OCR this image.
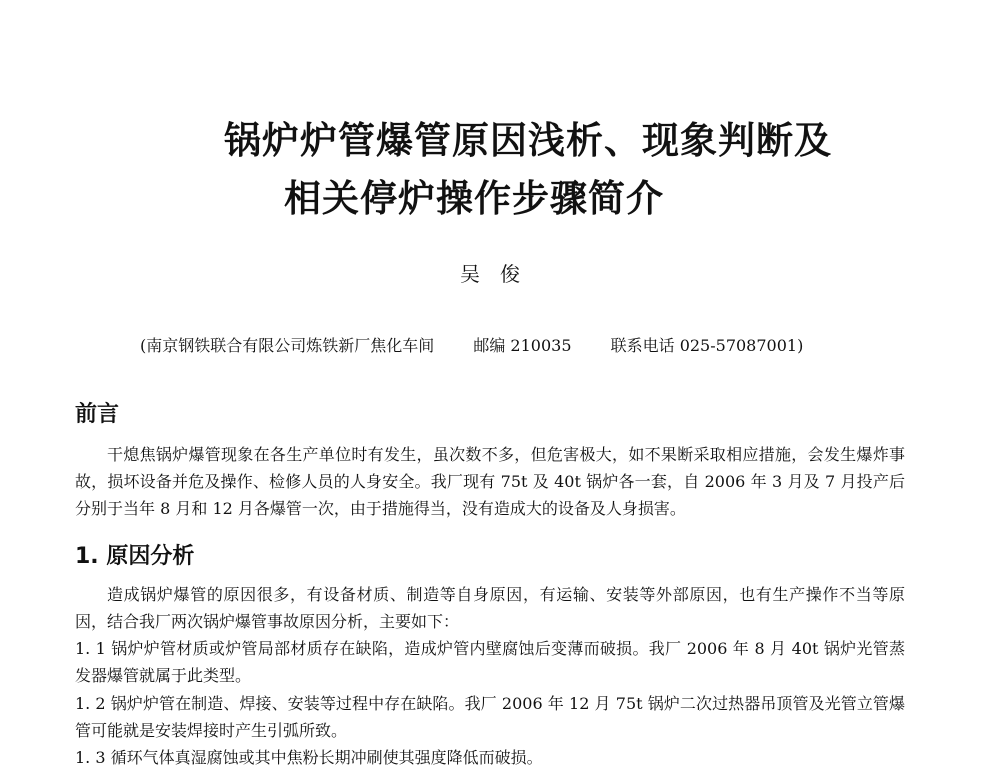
锅炉炉管爆管原因浅析、现象判断及
相关停炉操作步骤简介
吴俊
(南京钢铁联合有限公司炼铁新厂焦化车间 邮编 210035 联系电话 025-57087001)
前言
干熄焦锅炉爆管现象在各生产单位时有发生，虽次数不多，但危害极大，如不果断采取相应措施，会发生爆炸事故，损坏设备并危及操作、检修人员的人身安全。我厂现有 75t 及 40t 锅炉各一套，自 2006 年 3 月及 7 月投产后分别于当年 8 月和 12 月各爆管一次，由于措施得当，没有造成大的设备及人身损害。
1. 原因分析
造成锅炉爆管的原因很多，有设备材质、制造等自身原因，有运输、安装等外部原因，也有生产操作不当等原因，结合我厂两次锅炉爆管事故原因分析，主要如下：
1. 1 锅炉炉管材质或炉管局部材质存在缺陷，造成炉管内壁腐蚀后变薄而破损。我厂 2006 年 8 月 40t 锅炉光管蒸发器爆管就属于此类型。
1. 2 锅炉炉管在制造、焊接、安装等过程中存在缺陷。我厂 2006 年 12 月 75t 锅炉二次过热器吊顶管及光管立管爆管可能就是安装焊接时产生引弧所致。
1. 3 循环气体真湿腐蚀或其中焦粉长期冲刷使其强度降低而破损。
